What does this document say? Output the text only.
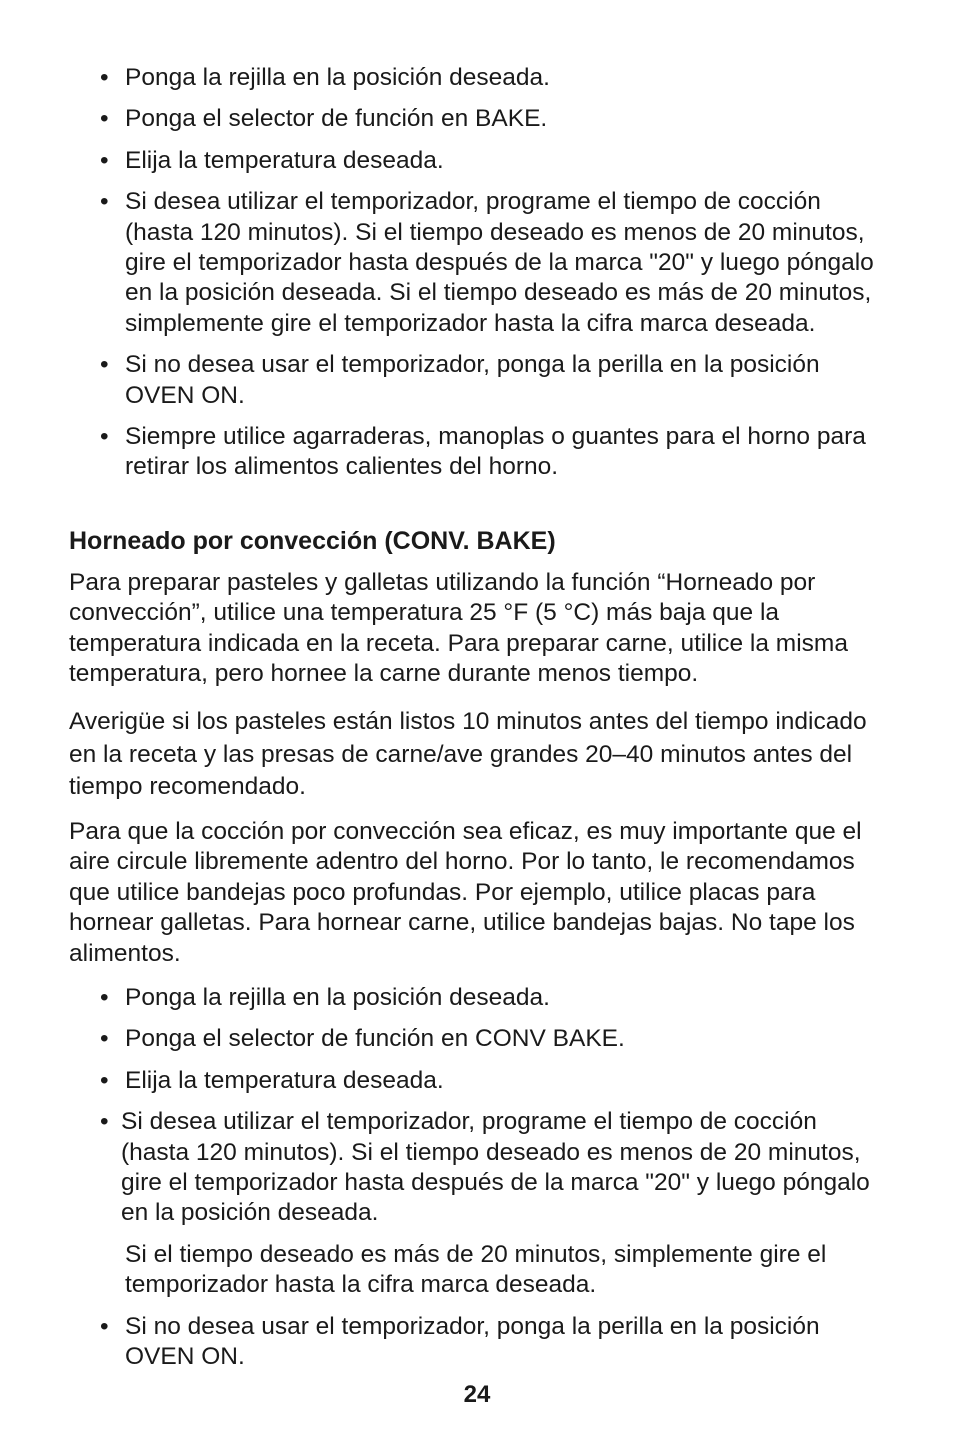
• Ponga la rejilla en la posición deseada.
• Ponga el selector de función en BAKE.
• Elija la temperatura deseada.
• Si desea utilizar el temporizador, programe el tiempo de cocción (hasta 120 minutos). Si el tiempo deseado es menos de 20 minutos, gire el temporizador hasta después de la marca "20" y luego póngalo en la posición deseada. Si el tiempo deseado es más de 20 minutos, simplemente gire el temporizador hasta la cifra marca deseada.
• Si no desea usar el temporizador, ponga la perilla en la posición OVEN ON.
• Siempre utilice agarraderas, manoplas o guantes para el horno para retirar los alimentos calientes del horno.
Horneado por convección (CONV. BAKE)

Para preparar pasteles y galletas utilizando la función “Horneado por convección”, utilice una temperatura 25 °F (5 °C) más baja que la temperatura indicada en la receta. Para preparar carne, utilice la misma temperatura, pero hornee la carne durante menos tiempo.

Averigüe si los pasteles están listos 10 minutos antes del tiempo indicado en la receta y las presas de carne/ave grandes 20–40 minutos antes del tiempo recomendado.

Para que la cocción por convección sea eficaz, es muy importante que el aire circule libremente adentro del horno. Por lo tanto, le recomendamos que utilice bandejas poco profundas. Por ejemplo, utilice placas para hornear galletas. Para hornear carne, utilice bandejas bajas. No tape los alimentos.

• Ponga la rejilla en la posición deseada.
• Ponga el selector de función en CONV BAKE.
• Elija la temperatura deseada.
• Si desea utilizar el temporizador, programe el tiempo de cocción (hasta 120 minutos). Si el tiempo deseado es menos de 20 minutos, gire el temporizador hasta después de la marca "20" y luego póngalo en la posición deseada.
Si el tiempo deseado es más de 20 minutos, simplemente gire el temporizador hasta la cifra marca deseada.
• Si no desea usar el temporizador, ponga la perilla en la posición OVEN ON.
24
